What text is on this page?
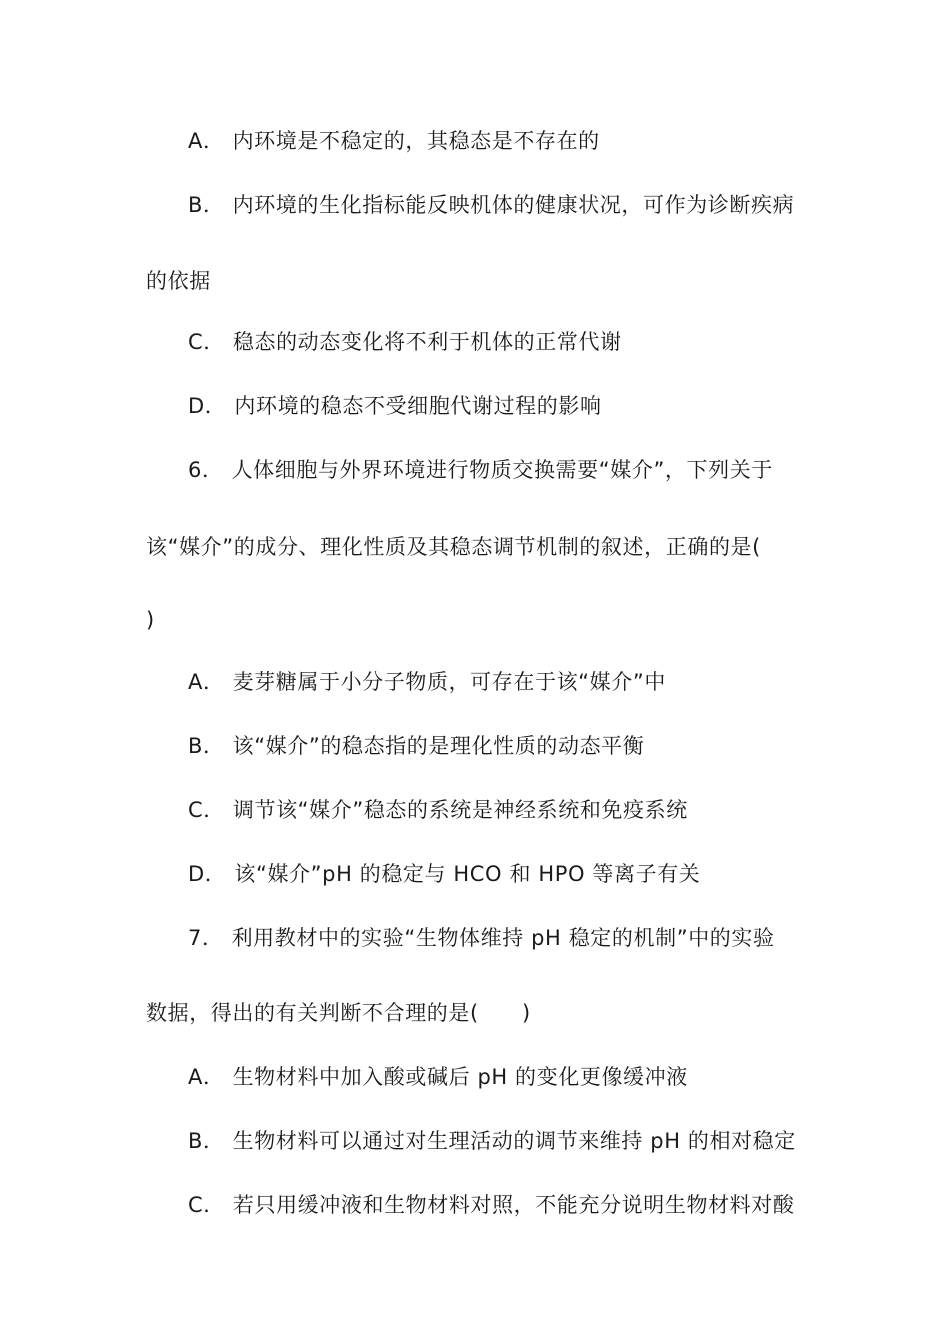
A． 内环境是不稳定的，其稳态是不存在的
B． 内环境的生化指标能反映机体的健康状况，可作为诊断疾病
的依据
C． 稳态的动态变化将不利于机体的正常代谢
D． 内环境的稳态不受细胞代谢过程的影响
6． 人体细胞与外界环境进行物质交换需要“媒介”，下列关于
该“媒介”的成分、理化性质及其稳态调节机制的叙述，正确的是(
)
A． 麦芽糖属于小分子物质，可存在于该“媒介”中
B． 该“媒介”的稳态指的是理化性质的动态平衡
C． 调节该“媒介”稳态的系统是神经系统和免疫系统
D． 该“媒介”pH 的稳定与 HCO 和 HPO 等离子有关
7． 利用教材中的实验“生物体维持 pH 稳定的机制”中的实验
数据，得出的有关判断不合理的是(　　)
A． 生物材料中加入酸或碱后 pH 的变化更像缓冲液
B． 生物材料可以通过对生理活动的调节来维持 pH 的相对稳定
C． 若只用缓冲液和生物材料对照，不能充分说明生物材料对酸
